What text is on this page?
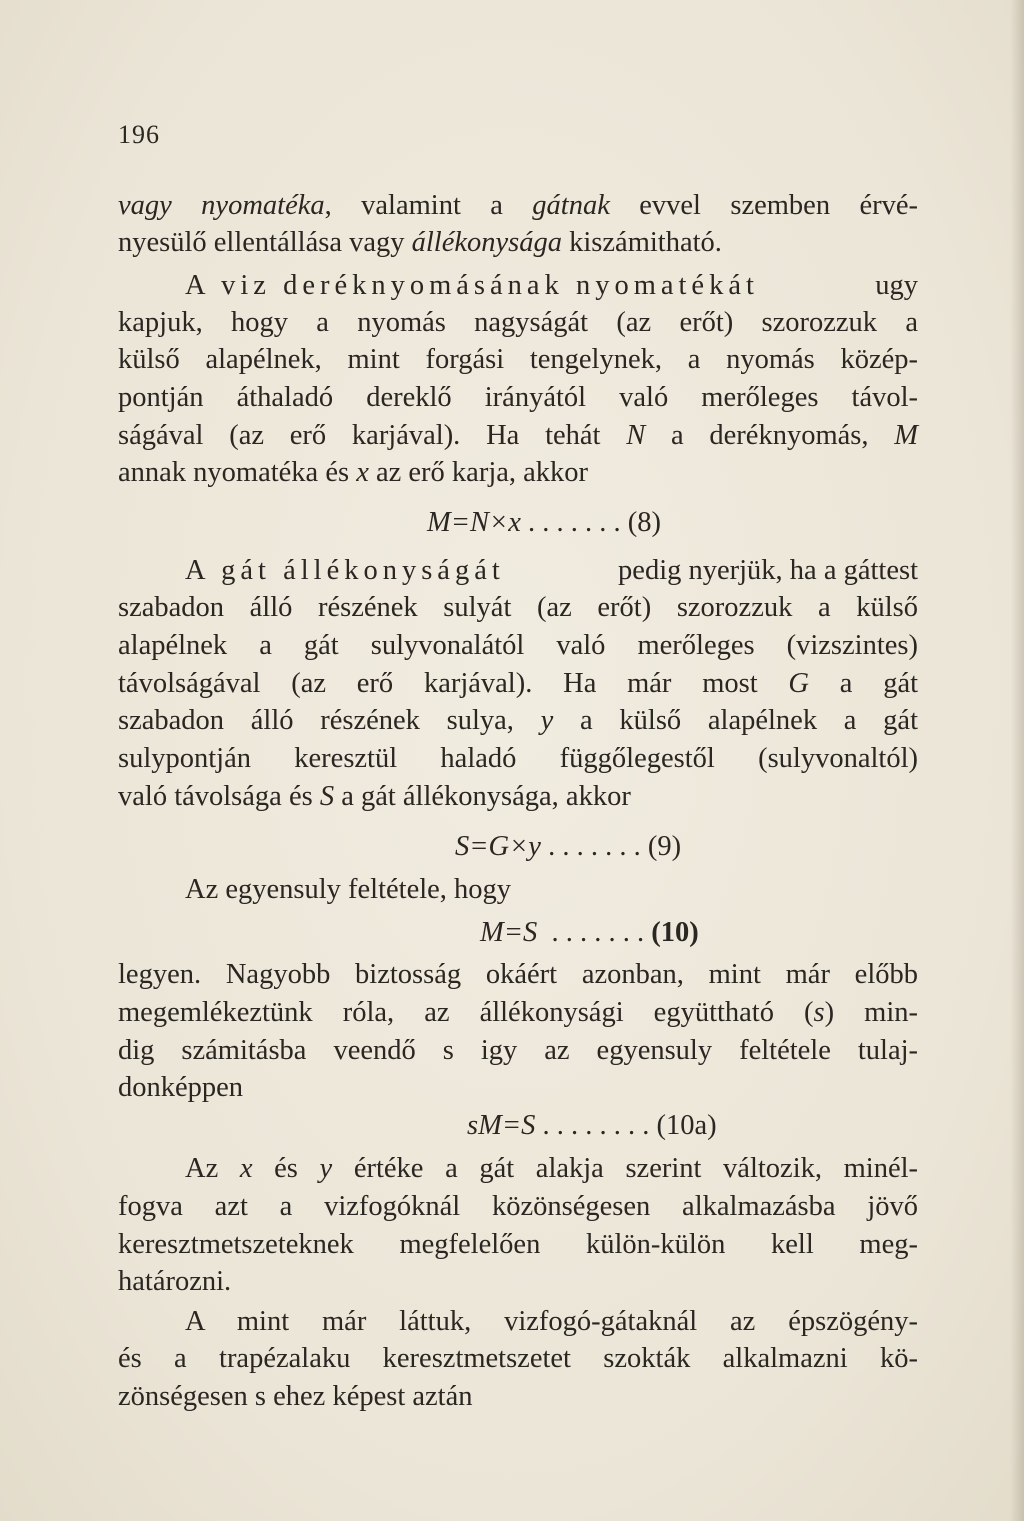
196
vagy nyomatéka, valamint a gátnak evvel szemben érvé-
nyesülő ellentállása vagy állékonysága kiszámitható.
A viz deréknyomásának nyomatékát	ugy
kapjuk, hogy a nyomás nagyságát (az erőt) szorozzuk a
külső alapélnek, mint forgási tengelynek, a nyomás közép-
pontján áthaladó dereklő irányától való merőleges távol-
ságával (az erő karjával). Ha tehát N a deréknyomás, M
annak nyomatéka és x az erő karja, akkor
M=N×x . . . . . . . (8)
A gát állékonyságát	pedig nyerjük, ha a gáttest
szabadon álló részének sulyát (az erőt) szorozzuk a külső
alapélnek a gát sulyvonalától való merőleges (vizszintes)
távolságával (az erő karjával). Ha már most G a gát
szabadon álló részének sulya, y a külső alapélnek a gát
sulypontján keresztül haladó függőlegestől (sulyvonaltól)
való távolsága és S a gát állékonysága, akkor
S=G×y . . . . . . . (9)
Az egyensuly feltétele, hogy
M=S  . . . . . . . (10)
legyen. Nagyobb biztosság okáért azonban, mint már előbb
megemlékeztünk róla, az állékonysági együttható (s) min-
dig számitásba veendő s igy az egyensuly feltétele tulaj-
donképpen
sM=S . . . . . . . . (10a)
Az x és y értéke a gát alakja szerint változik, minél-
fogva azt a vizfogóknál közönségesen alkalmazásba jövő
keresztmetszeteknek megfelelően külön-külön kell meg-
határozni.
A mint már láttuk, vizfogó-gátaknál az épszögény-
és a trapézalaku keresztmetszetet szokták alkalmazni kö-
zönségesen s ehez képest aztán
